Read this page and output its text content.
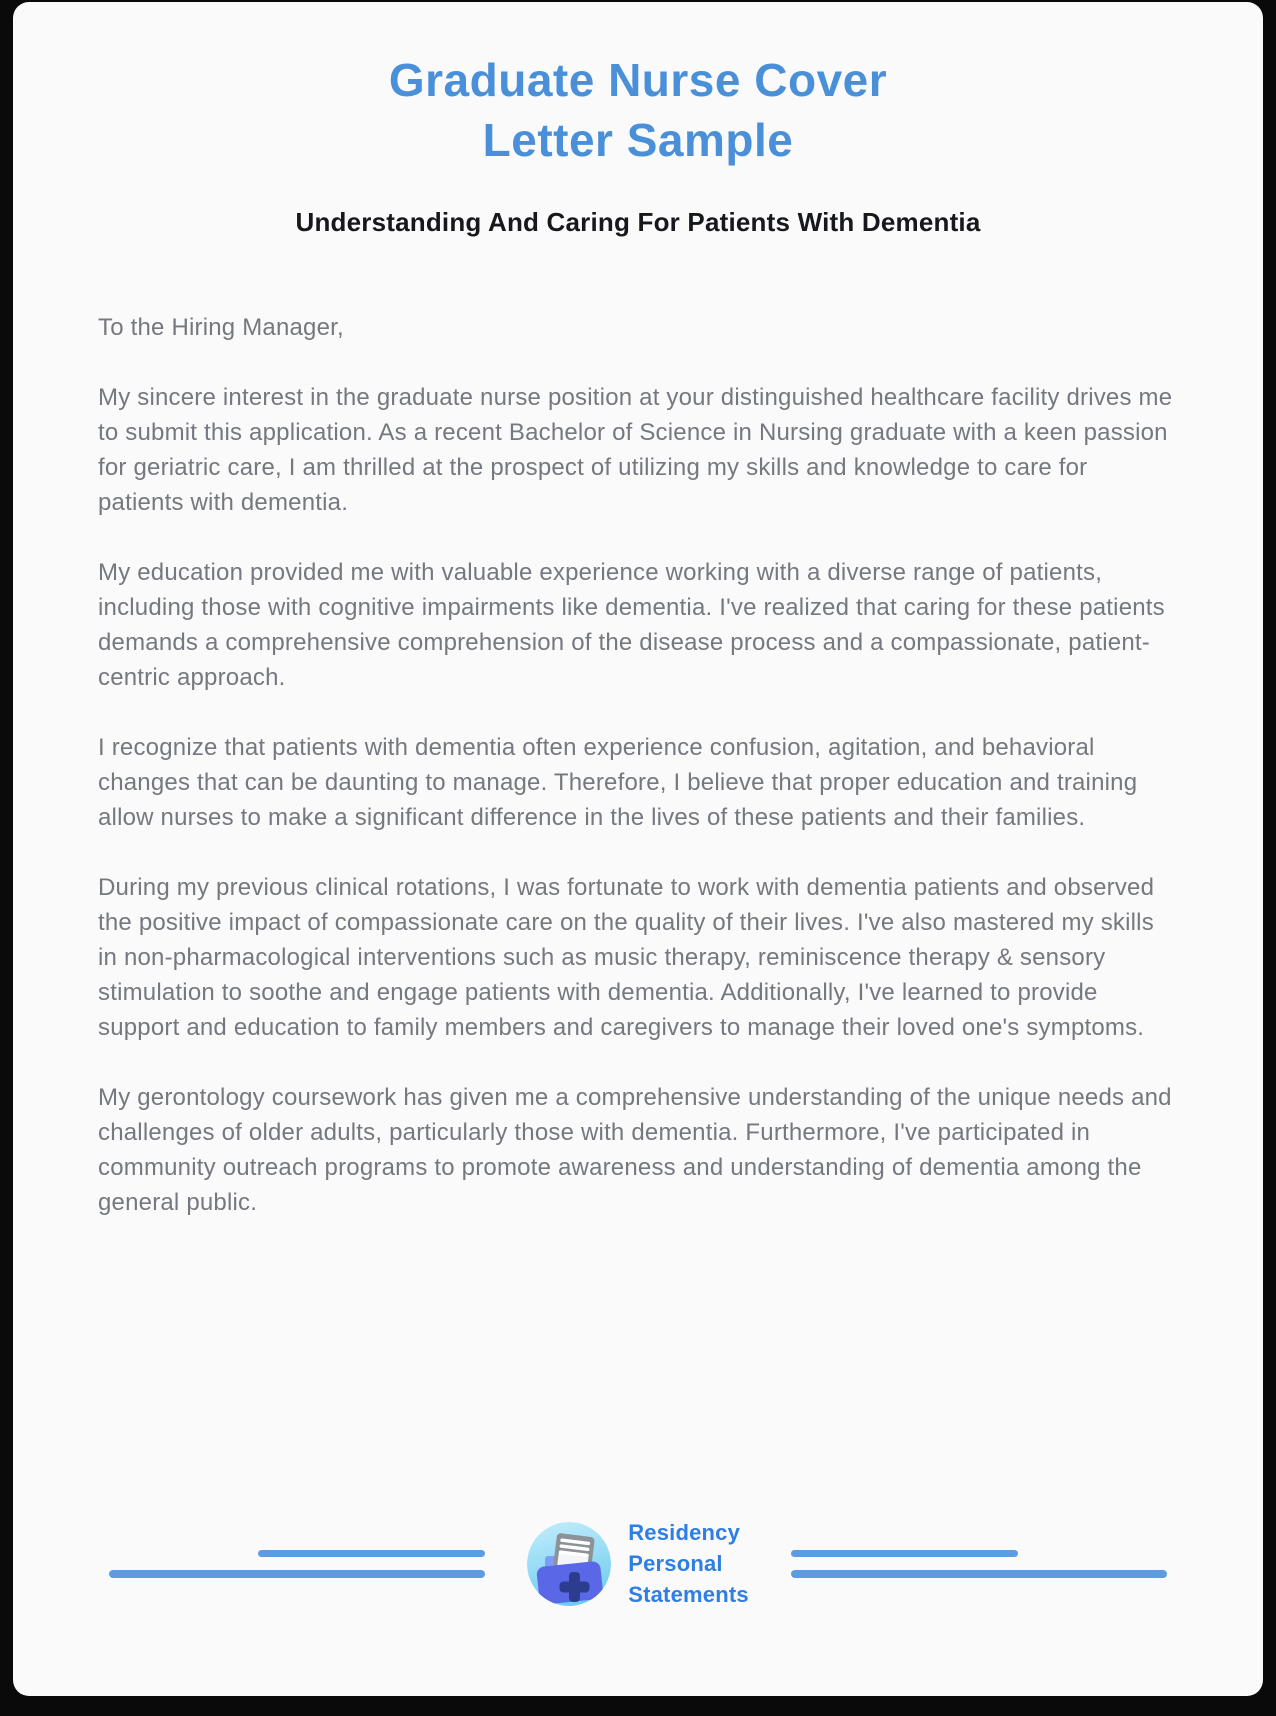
Graduate Nurse Cover
Letter Sample
Understanding And Caring For Patients With Dementia

To the Hiring Manager,

My sincere interest in the graduate nurse position at your distinguished healthcare facility drives me to submit this application. As a recent Bachelor of Science in Nursing graduate with a keen passion for geriatric care, I am thrilled at the prospect of utilizing my skills and knowledge to care for patients with dementia.

My education provided me with valuable experience working with a diverse range of patients, including those with cognitive impairments like dementia. I've realized that caring for these patients demands a comprehensive comprehension of the disease process and a compassionate, patient-centric approach.

I recognize that patients with dementia often experience confusion, agitation, and behavioral changes that can be daunting to manage. Therefore, I believe that proper education and training allow nurses to make a significant difference in the lives of these patients and their families.

During my previous clinical rotations, I was fortunate to work with dementia patients and observed the positive impact of compassionate care on the quality of their lives. I've also mastered my skills in non-pharmacological interventions such as music therapy, reminiscence therapy & sensory stimulation to soothe and engage patients with dementia. Additionally, I've learned to provide support and education to family members and caregivers to manage their loved one's symptoms.

My gerontology coursework has given me a comprehensive understanding of the unique needs and challenges of older adults, particularly those with dementia. Furthermore, I've participated in community outreach programs to promote awareness and understanding of dementia among the general public.

Residency
Personal
Statements
